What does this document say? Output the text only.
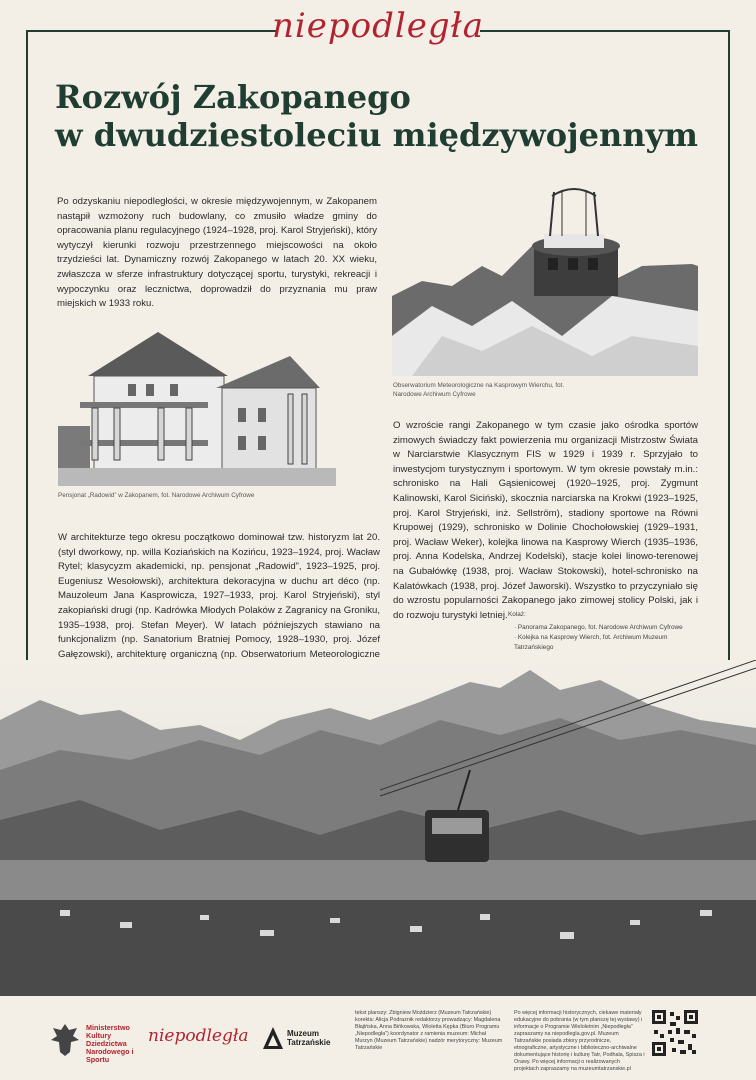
niepodległa
Rozwój Zakopanego
w dwudziestoleciu międzywojennym
Po odzyskaniu niepodległości, w okresie międzywojennym, w Zakopanem nastąpił wzmożony ruch budowlany, co zmusiło władze gminy do opracowania planu regulacyjnego (1924–1928, proj. Karol Stryjeński), który wytyczył kierunki rozwoju przestrzennego miejscowości na około trzydzieści lat. Dynamiczny rozwój Zakopanego w latach 20. XX wieku, zwłaszcza w sferze infrastruktury dotyczącej sportu, turystyki, rekreacji i wypoczynku oraz lecznictwa, doprowadził do przyznania mu praw miejskich w 1933 roku.
Obserwatorium Meteorologiczne na Kasprowym Wierchu, fot. Narodowe Archiwum Cyfrowe
Pensjonat „Radowid” w Zakopanem, fot. Narodowe Archiwum Cyfrowe
O wzroście rangi Zakopanego w tym czasie jako ośrodka sportów zimowych świadczy fakt powierzenia mu organizacji Mistrzostw Świata w Narciarstwie Klasycznym FIS w 1929 i 1939 r. Sprzyjało to inwestycjom turystycznym i sportowym. W tym okresie powstały m.in.: schronisko na Hali Gąsienicowej (1920–1925, proj. Zygmunt Kalinowski, Karol Siciński), skocznia narciarska na Krokwi (1923–1925, proj. Karol Stryjeński, inż. Sellström), stadiony sportowe na Równi Krupowej (1929), schronisko w Dolinie Chochołowskiej (1929–1931, proj. Wacław Weker), kolejka linowa na Kasprowy Wierch (1935–1936, proj. Anna Kodelska, Andrzej Kodelski), stacje kolei linowo-terenowej na Gubałówkę (1938, proj. Wacław Stokowski), hotel-schronisko na Kalatówkach (1938, proj. Józef Jaworski). Wszystko to przyczyniało się do wzrostu popularności Zakopanego jako zimowej stolicy Polski, jak i do rozwoju turystyki letniej. Kolaż:
· Panorama Zakopanego, fot. Narodowe Archiwum Cyfrowe
· Kolejka na Kasprowy Wierch, fot. Archiwum Muzeum Tatrzańskiego
W architekturze tego okresu początkowo dominował tzw. historyzm lat 20. (styl dworkowy, np. willa Koziańskich na Kozińcu, 1923–1924, proj. Wacław Rytel; klasycyzm akademicki, np. pensjonat „Radowid”, 1923–1925, proj. Eugeniusz Wesołowski), architektura dekoracyjna w duchu art déco (np. Mauzoleum Jana Kasprowicza, 1927–1933, proj. Karol Stryjeński), styl zakopiański drugi (np. Kadrówka Młodych Polaków z Zagranicy na Groniku, 1935–1938, proj. Stefan Meyer). W latach późniejszych stawiano na funkcjonalizm (np. Sanatorium Bratniej Pomocy, 1928–1930, proj. Józef Gałęzowski), architekturę organiczną (np. Obserwatorium Meteorologiczne
Ministerstwo Kultury Dziedzictwa Narodowego i Sportu
niepodległa	Muzeum Tatrzańskie
tekst planszy: Zbigniew Moździerz (Muzeum Tatrzańskie) korekta: Alicja Podraznik redaktorzy prowadzący: Magdalena Błajińska, Anna Bińkowska, Wioletta Kępka (Biuro Programu „Niepodległa”) koordynator z ramienia muzeum: Michał Murzyn (Muzeum Tatrzańskie) nadzór merytoryczny: Muzeum Tatrzańskie
Po więcej informacji historycznych, ciekawe materiały edukacyjne do pobrania (w tym planszę tej wystawy) i informacje o Programie Wieloletnim „Niepodległa” zapraszamy na niepodlegla.gov.pl. Muzeum Tatrzańskie posiada zbiory przyrodnicze, etnograficzne, artystyczne i biblioteczno-archiwalne dokumentujące historię i kulturę Tatr, Podhala, Spisza i Orawy. Po więcej informacji o realizowanych projektach zapraszamy na muzeumtatrzanskie.pl
